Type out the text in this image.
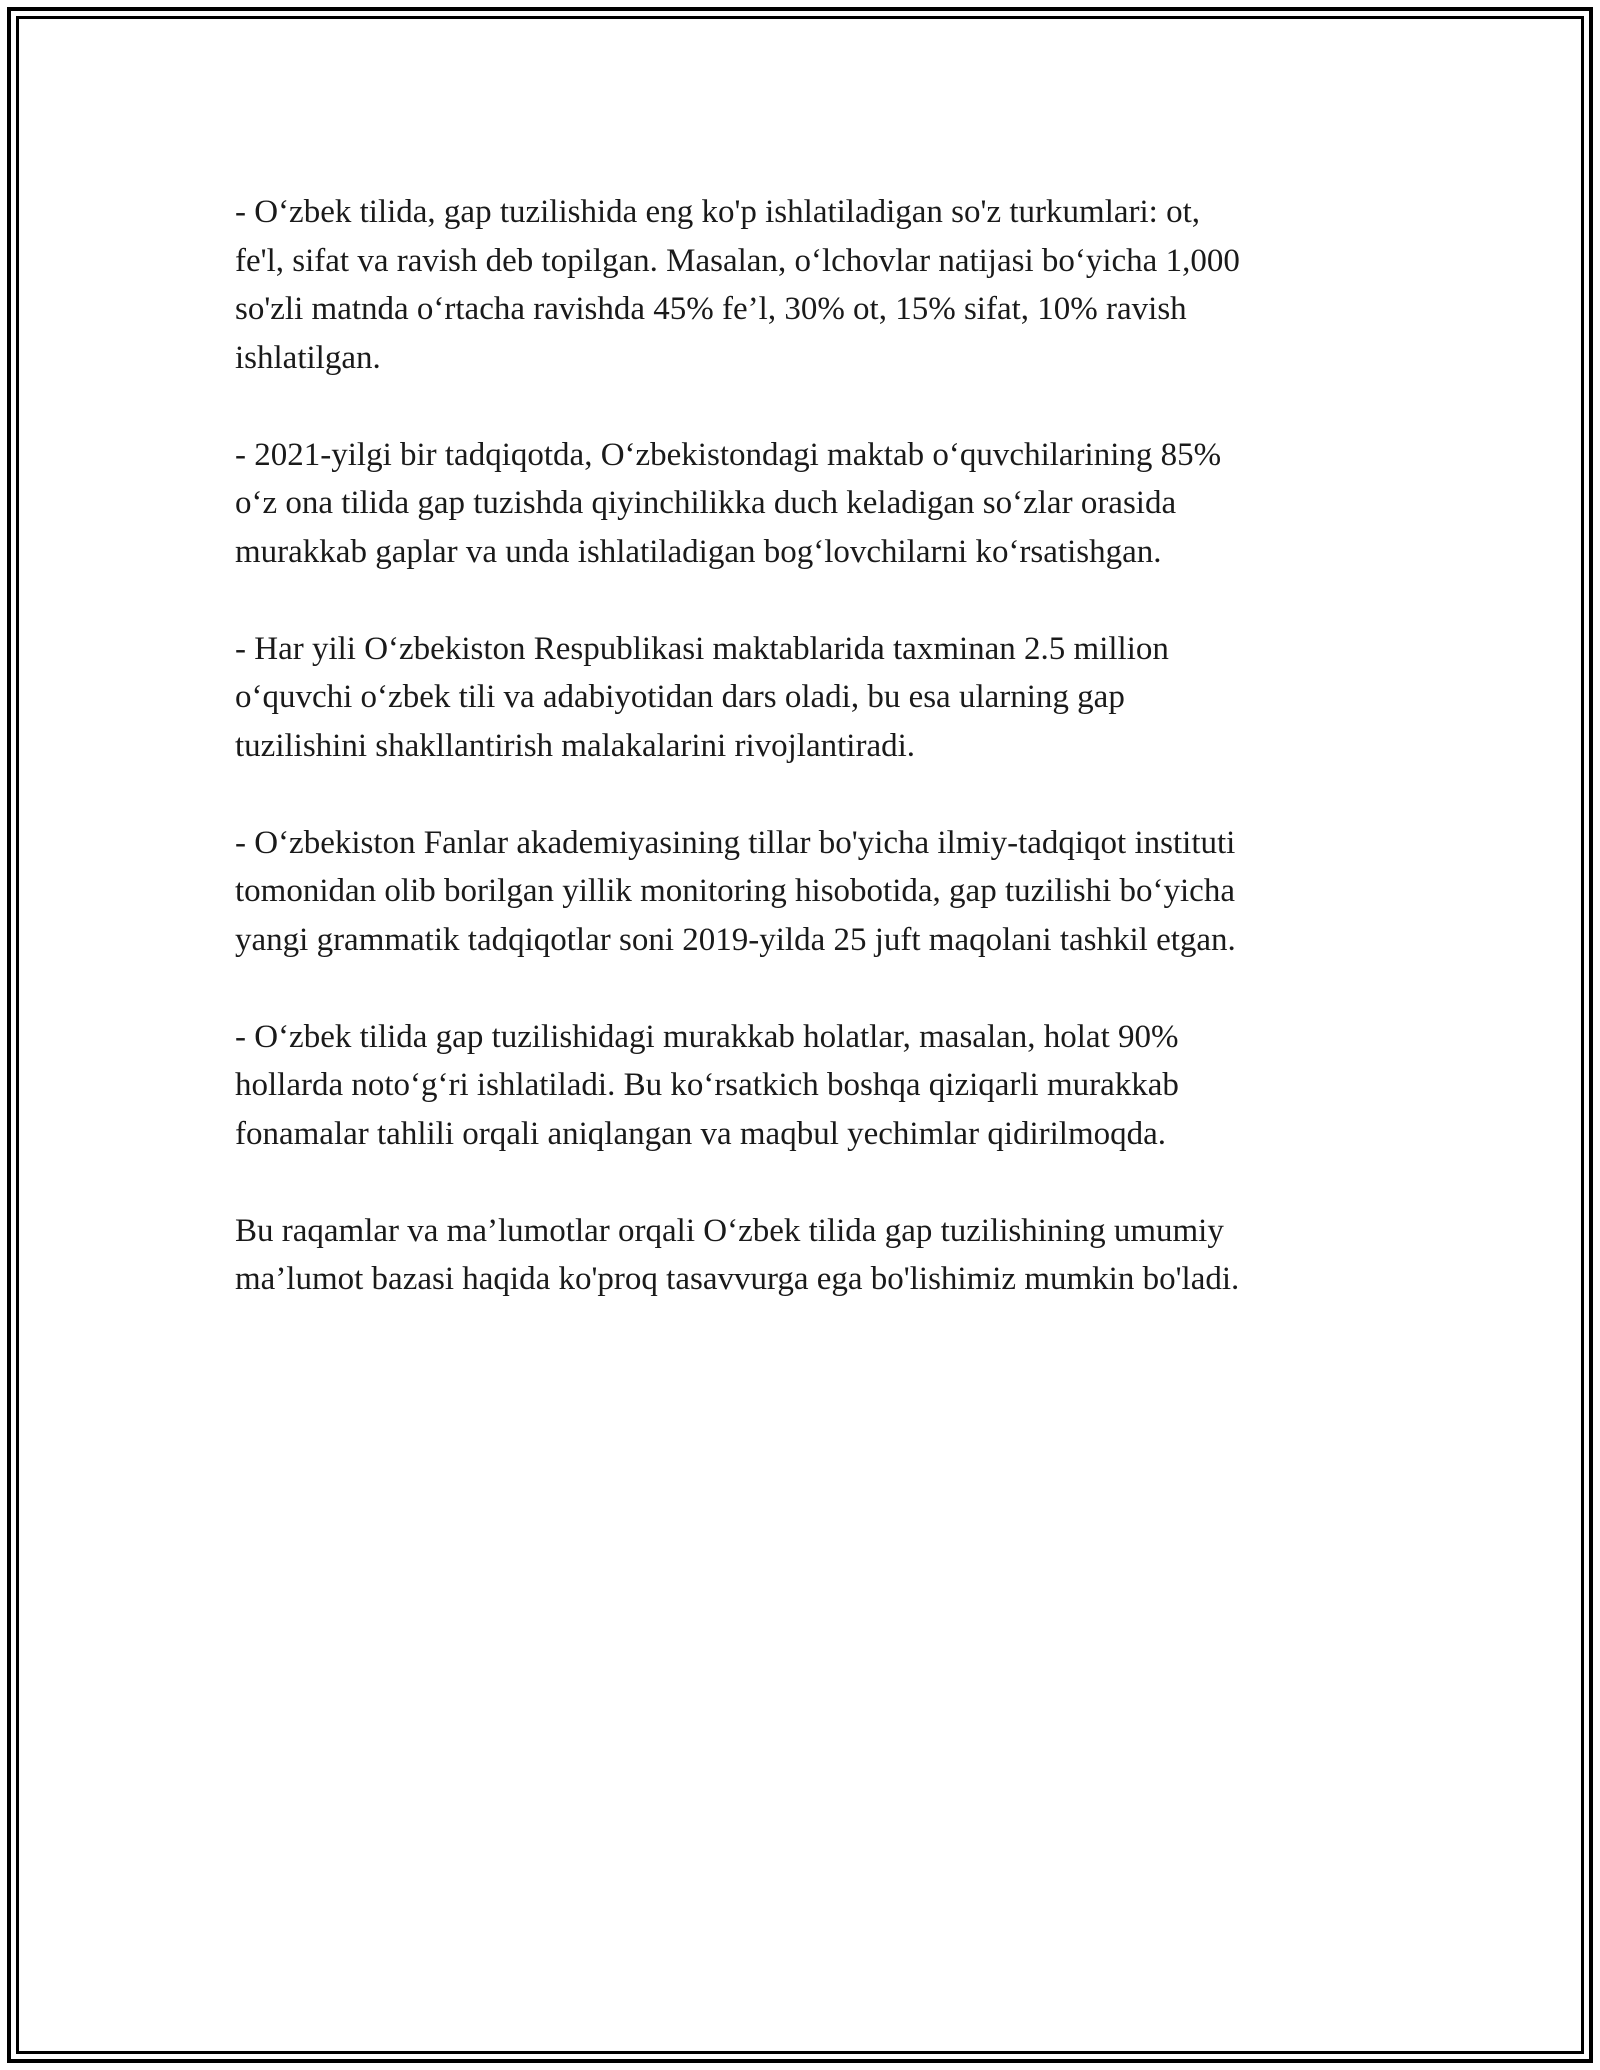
- O‘zbek tilida, gap tuzilishida eng ko'p ishlatiladigan so'z turkumlari: ot,
fe'l, sifat va ravish deb topilgan. Masalan, o‘lchovlar natijasi bo‘yicha 1,000
so'zli matnda o‘rtacha ravishda 45% fe’l, 30% ot, 15% sifat, 10% ravish
ishlatilgan.

- 2021-yilgi bir tadqiqotda, O‘zbekistondagi maktab o‘quvchilarining 85%
o‘z ona tilida gap tuzishda qiyinchilikka duch keladigan so‘zlar orasida
murakkab gaplar va unda ishlatiladigan bog‘lovchilarni ko‘rsatishgan.

- Har yili O‘zbekiston Respublikasi maktablarida taxminan 2.5 million
o‘quvchi o‘zbek tili va adabiyotidan dars oladi, bu esa ularning gap
tuzilishini shakllantirish malakalarini rivojlantiradi.

- O‘zbekiston Fanlar akademiyasining tillar bo'yicha ilmiy-tadqiqot instituti
tomonidan olib borilgan yillik monitoring hisobotida, gap tuzilishi bo‘yicha
yangi grammatik tadqiqotlar soni 2019-yilda 25 juft maqolani tashkil etgan.

- O‘zbek tilida gap tuzilishidagi murakkab holatlar, masalan, holat 90%
hollarda noto‘g‘ri ishlatiladi. Bu ko‘rsatkich boshqa qiziqarli murakkab
fonamalar tahlili orqali aniqlangan va maqbul yechimlar qidirilmoqda.

Bu raqamlar va ma’lumotlar orqali O‘zbek tilida gap tuzilishining umumiy
ma’lumot bazasi haqida ko'proq tasavvurga ega bo'lishimiz mumkin bo'ladi.
